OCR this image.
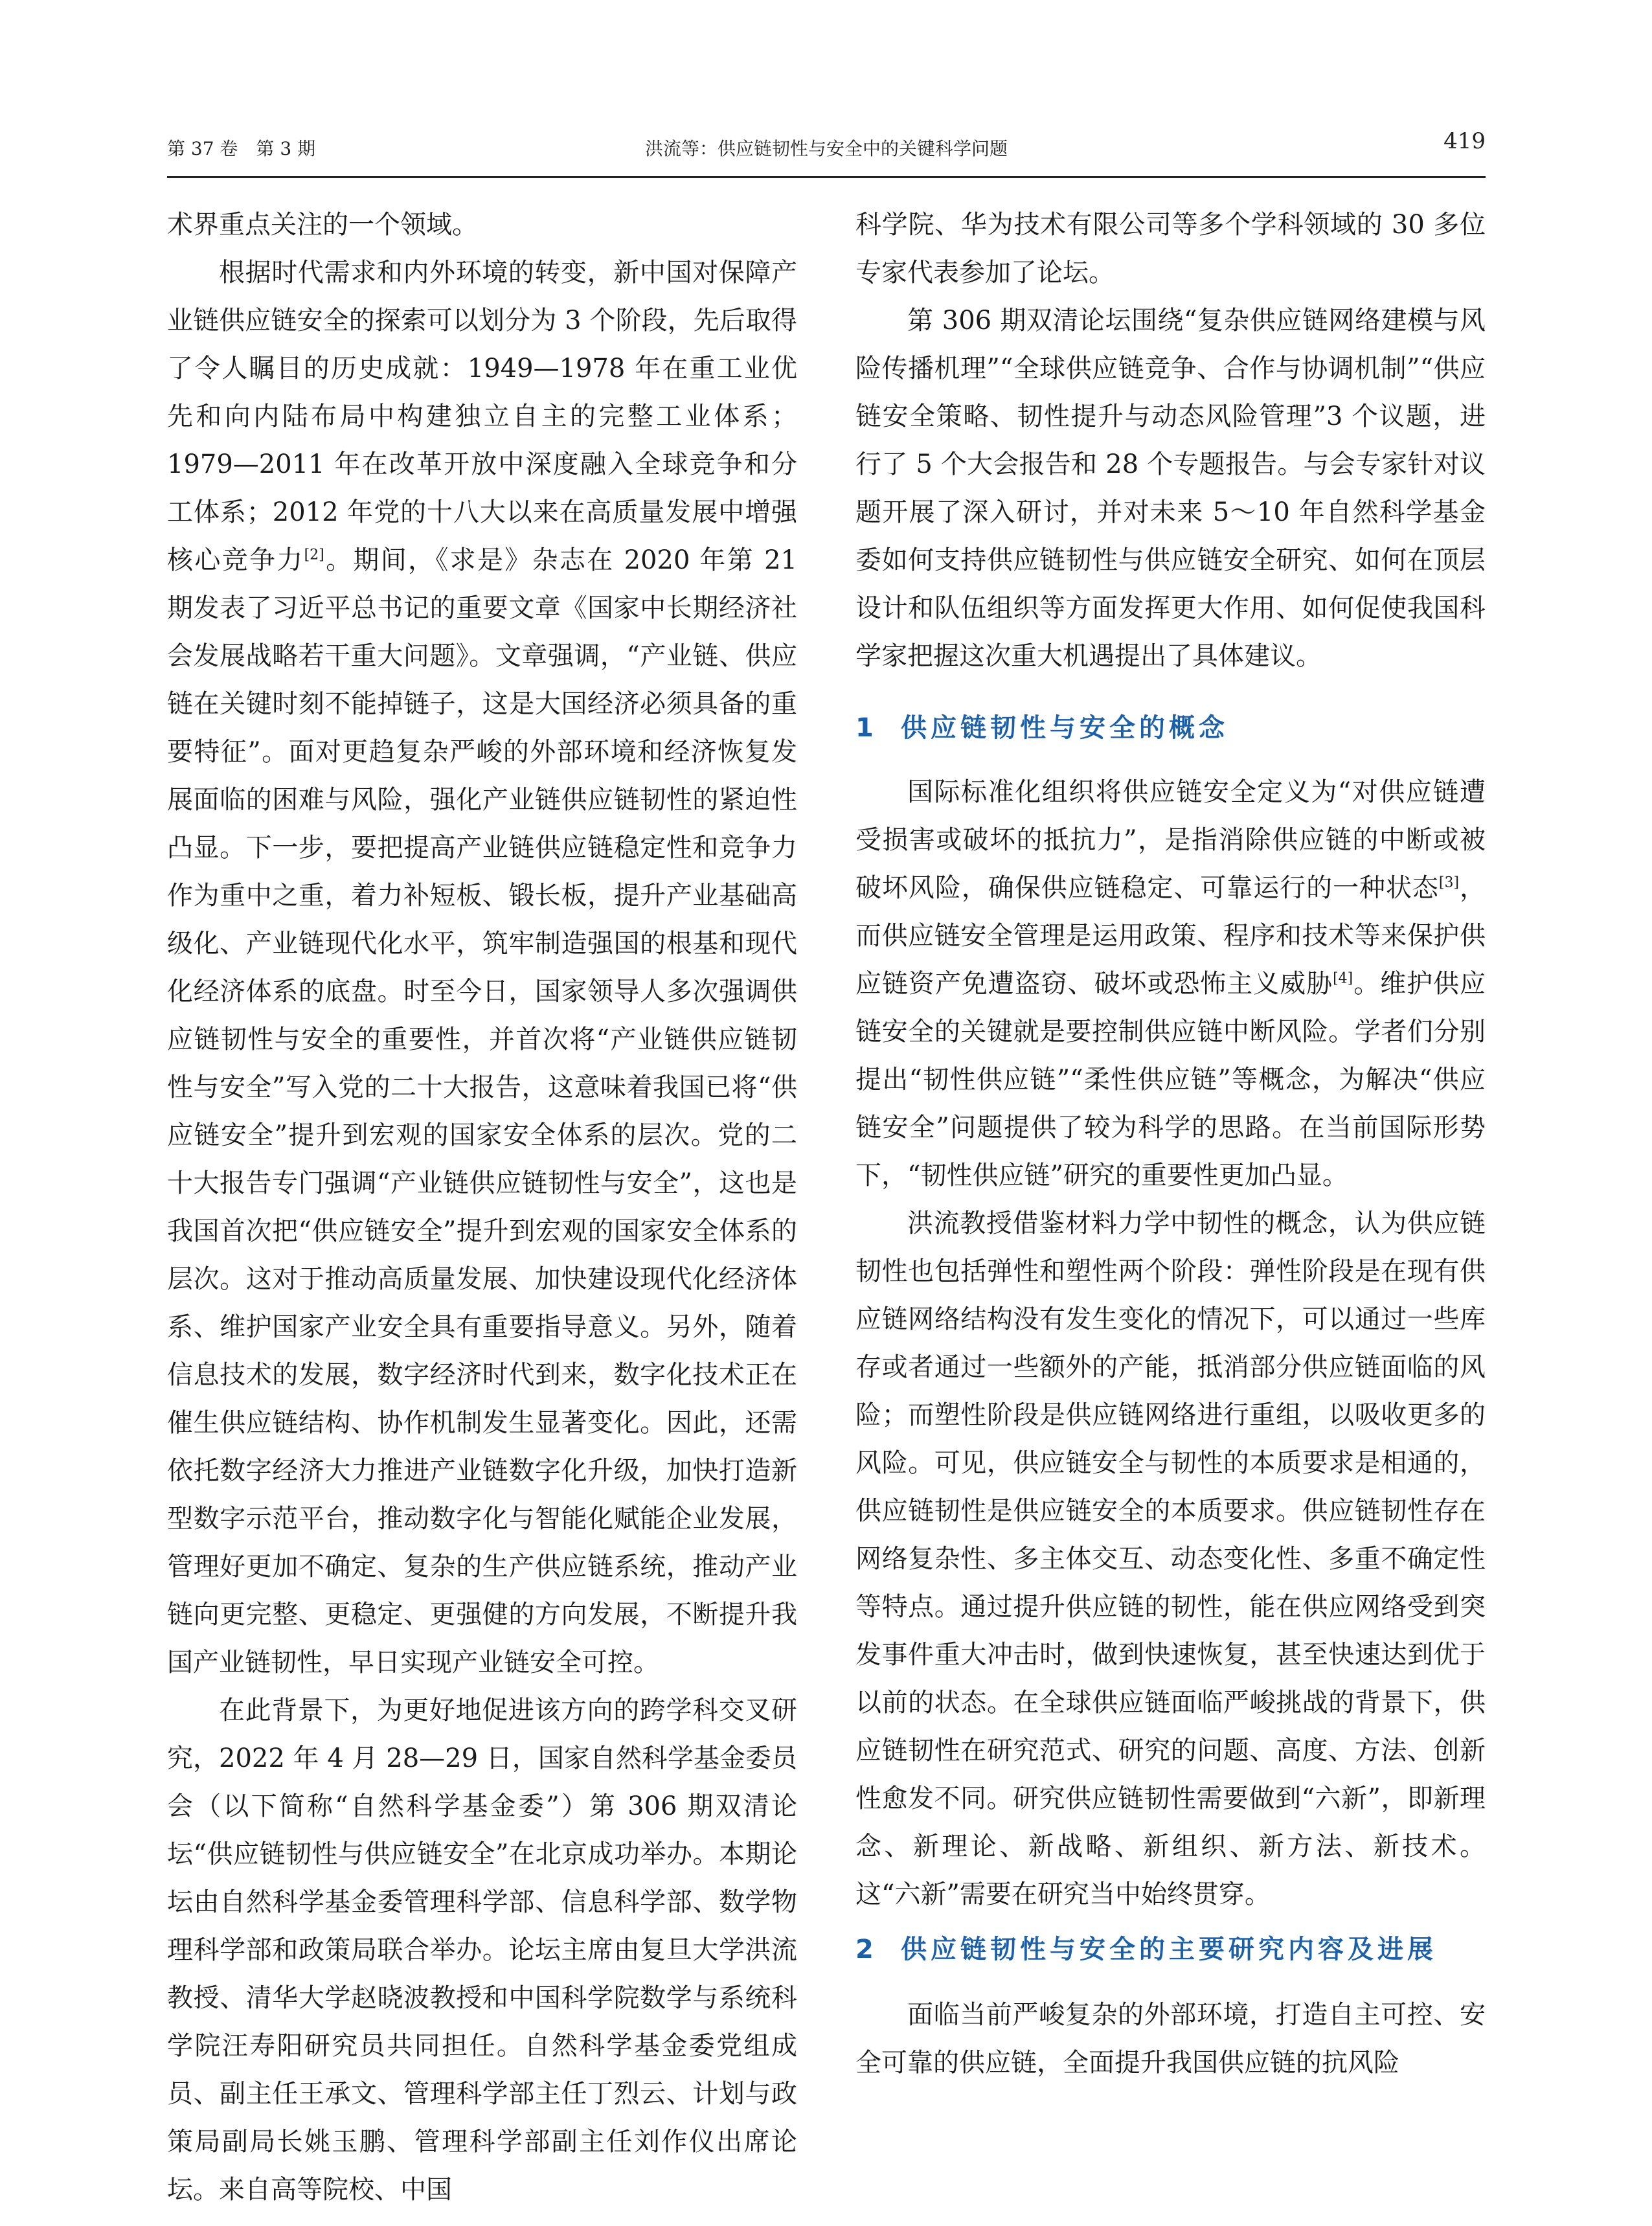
第 37 卷　第 3 期	洪流等：供应链韧性与安全中的关键科学问题	419

术界重点关注的一个领域。

根据时代需求和内外环境的转变，新中国对保障产业链供应链安全的探索可以划分为 3 个阶段，先后取得了令人瞩目的历史成就：1949—1978 年在重工业优先和向内陆布局中构建独立自主的完整工业体系；1979—2011 年在改革开放中深度融入全球竞争和分工体系；2012 年党的十八大以来在高质量发展中增强核心竞争力[2]。期间，《求是》杂志在 2020 年第 21 期发表了习近平总书记的重要文章《国家中长期经济社会发展战略若干重大问题》。文章强调，“产业链、供应链在关键时刻不能掉链子，这是大国经济必须具备的重要特征”。面对更趋复杂严峻的外部环境和经济恢复发展面临的困难与风险，强化产业链供应链韧性的紧迫性凸显。下一步，要把提高产业链供应链稳定性和竞争力作为重中之重，着力补短板、锻长板，提升产业基础高级化、产业链现代化水平，筑牢制造强国的根基和现代化经济体系的底盘。时至今日，国家领导人多次强调供应链韧性与安全的重要性，并首次将“产业链供应链韧性与安全”写入党的二十大报告，这意味着我国已将“供应链安全”提升到宏观的国家安全体系的层次。党的二十大报告专门强调“产业链供应链韧性与安全”，这也是我国首次把“供应链安全”提升到宏观的国家安全体系的层次。这对于推动高质量发展、加快建设现代化经济体系、维护国家产业安全具有重要指导意义。另外，随着信息技术的发展，数字经济时代到来，数字化技术正在催生供应链结构、协作机制发生显著变化。因此，还需依托数字经济大力推进产业链数字化升级，加快打造新型数字示范平台，推动数字化与智能化赋能企业发展，管理好更加不确定、复杂的生产供应链系统，推动产业链向更完整、更稳定、更强健的方向发展，不断提升我国产业链韧性，早日实现产业链安全可控。

在此背景下，为更好地促进该方向的跨学科交叉研究，2022 年 4 月 28—29 日，国家自然科学基金委员会（以下简称“自然科学基金委”）第 306 期双清论坛“供应链韧性与供应链安全”在北京成功举办。本期论坛由自然科学基金委管理科学部、信息科学部、数学物理科学部和政策局联合举办。论坛主席由复旦大学洪流教授、清华大学赵晓波教授和中国科学院数学与系统科学院汪寿阳研究员共同担任。自然科学基金委党组成员、副主任王承文、管理科学部主任丁烈云、计划与政策局副局长姚玉鹏、管理科学部副主任刘作仪出席论坛。来自高等院校、中国

科学院、华为技术有限公司等多个学科领域的 30 多位专家代表参加了论坛。

第 306 期双清论坛围绕“复杂供应链网络建模与风险传播机理”“全球供应链竞争、合作与协调机制”“供应链安全策略、韧性提升与动态风险管理”3 个议题，进行了 5 个大会报告和 28 个专题报告。与会专家针对议题开展了深入研讨，并对未来 5～10 年自然科学基金委如何支持供应链韧性与供应链安全研究、如何在顶层设计和队伍组织等方面发挥更大作用、如何促使我国科学家把握这次重大机遇提出了具体建议。

1	供应链韧性与安全的概念

国际标准化组织将供应链安全定义为“对供应链遭受损害或破坏的抵抗力”，是指消除供应链的中断或被破坏风险，确保供应链稳定、可靠运行的一种状态[3]，而供应链安全管理是运用政策、程序和技术等来保护供应链资产免遭盗窃、破坏或恐怖主义威胁[4]。维护供应链安全的关键就是要控制供应链中断风险。学者们分别提出“韧性供应链”“柔性供应链”等概念，为解决“供应链安全”问题提供了较为科学的思路。在当前国际形势下，“韧性供应链”研究的重要性更加凸显。

洪流教授借鉴材料力学中韧性的概念，认为供应链韧性也包括弹性和塑性两个阶段：弹性阶段是在现有供应链网络结构没有发生变化的情况下，可以通过一些库存或者通过一些额外的产能，抵消部分供应链面临的风险；而塑性阶段是供应链网络进行重组，以吸收更多的风险。可见，供应链安全与韧性的本质要求是相通的，供应链韧性是供应链安全的本质要求。供应链韧性存在网络复杂性、多主体交互、动态变化性、多重不确定性等特点。通过提升供应链的韧性，能在供应网络受到突发事件重大冲击时，做到快速恢复，甚至快速达到优于以前的状态。在全球供应链面临严峻挑战的背景下，供应链韧性在研究范式、研究的问题、高度、方法、创新性愈发不同。研究供应链韧性需要做到“六新”，即新理念、新理论、新战略、新组织、新方法、新技术。这“六新”需要在研究当中始终贯穿。

2	供应链韧性与安全的主要研究内容及进展

面临当前严峻复杂的外部环境，打造自主可控、安全可靠的供应链，全面提升我国供应链的抗风险
